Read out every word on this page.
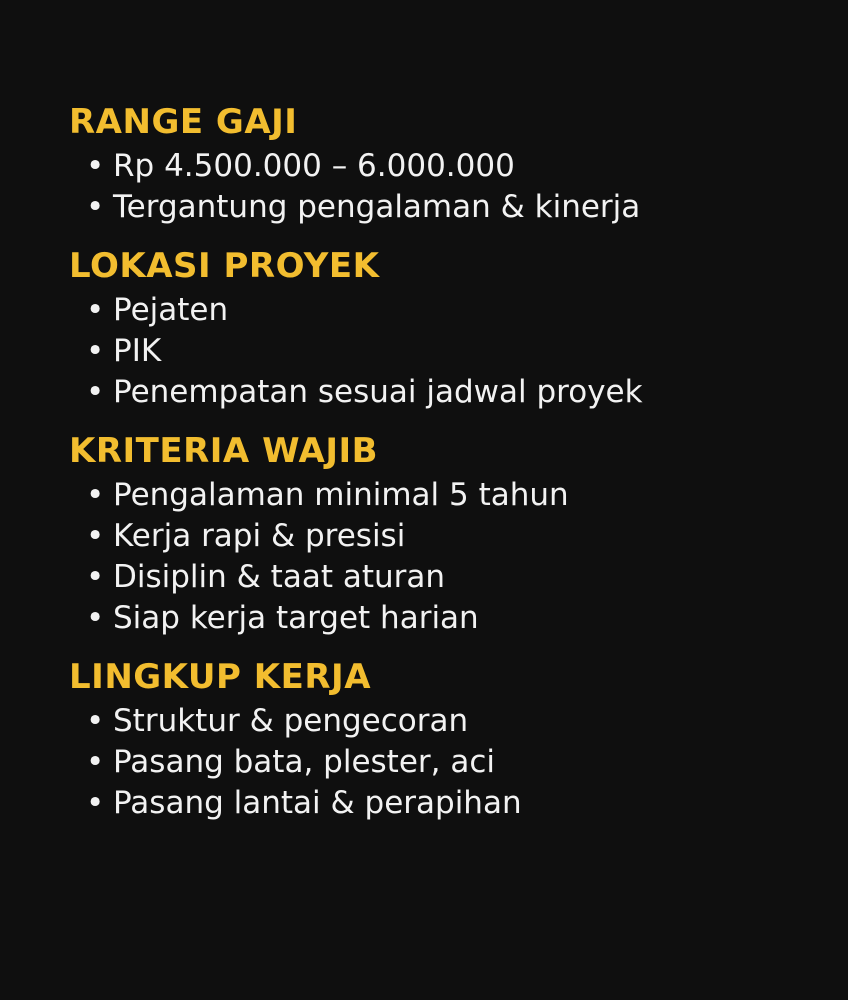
RANGE GAJI
• Rp 4.500.000 – 6.000.000
• Tergantung pengalaman & kinerja
LOKASI PROYEK
• Pejaten
• PIK
• Penempatan sesuai jadwal proyek
KRITERIA WAJIB
• Pengalaman minimal 5 tahun
• Kerja rapi & presisi
• Disiplin & taat aturan
• Siap kerja target harian
LINGKUP KERJA
• Struktur & pengecoran
• Pasang bata, plester, aci
• Pasang lantai & perapihan
